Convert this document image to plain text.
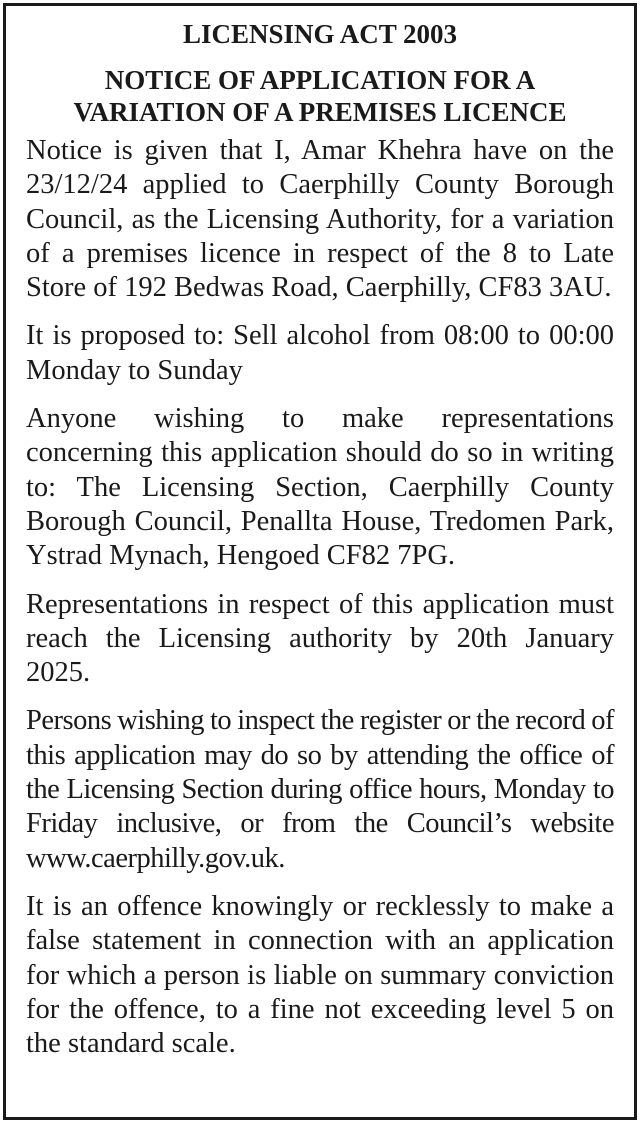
LICENSING ACT 2003
NOTICE OF APPLICATION FOR A
VARIATION OF A PREMISES LICENCE

Notice is given that I, Amar Khehra have on the 23/12/24 applied to Caerphilly County Borough Council, as the Licensing Authority, for a variation of a premises licence in respect of the 8 to Late Store of 192 Bedwas Road, Caerphilly, CF83 3AU.

It is proposed to: Sell alcohol from 08:00 to 00:00 Monday to Sunday

Anyone wishing to make representations concerning this application should do so in writing to: The Licensing Section, Caerphilly County Borough Council, Penallta House, Tredomen Park, Ystrad Mynach, Hengoed CF82 7PG.

Representations in respect of this application must reach the Licensing authority by 20th January 2025.

Persons wishing to inspect the register or the record of this application may do so by attending the office of the Licensing Section during office hours, Monday to Friday inclusive, or from the Council’s website www.caerphilly.gov.uk.

It is an offence knowingly or recklessly to make a false statement in connection with an application for which a person is liable on summary conviction for the offence, to a fine not exceeding level 5 on the standard scale.
